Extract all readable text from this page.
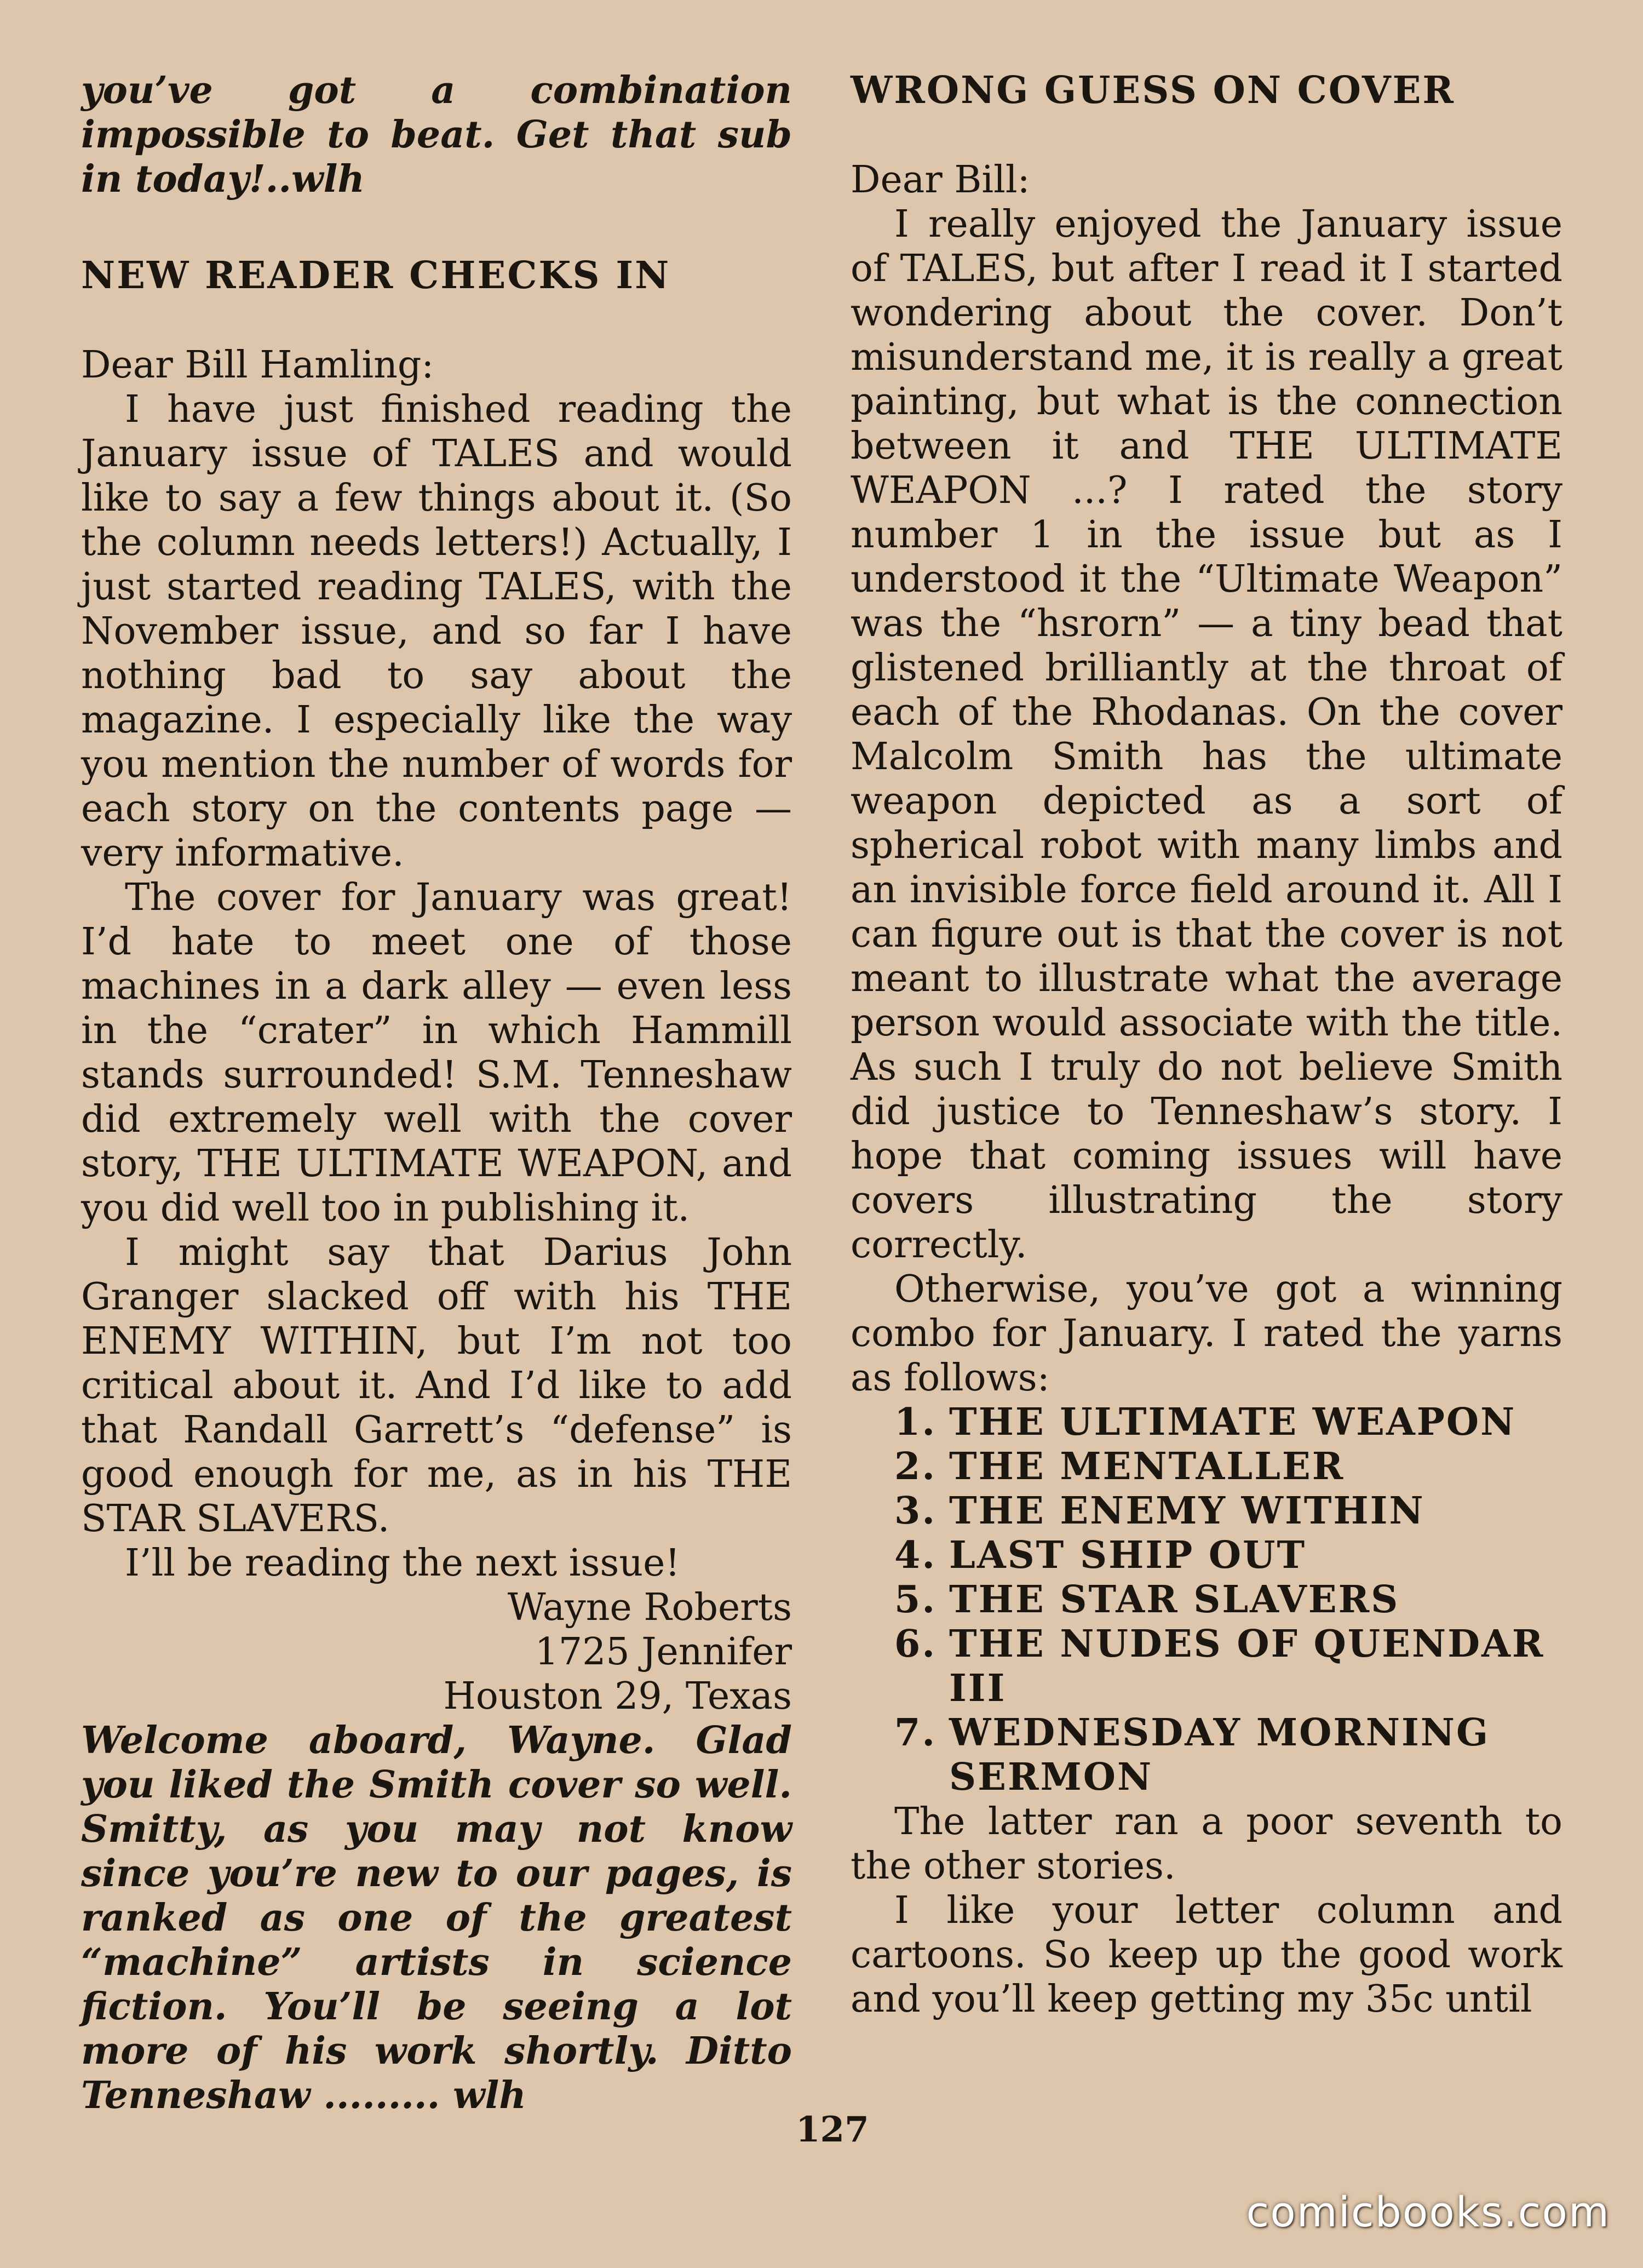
you’ve got a combination impossible to beat. Get that sub in today!..wlh

NEW READER CHECKS IN

Dear Bill Hamling:

I have just finished reading the January issue of TALES and would like to say a few things about it. (So the column needs letters!) Actually, I just started reading TALES, with the November issue, and so far I have nothing bad to say about the magazine. I especially like the way you mention the number of words for each story on the contents page — very informative.

The cover for January was great! I’d hate to meet one of those machines in a dark alley — even less in the “crater” in which Hammill stands surrounded! S.M. Tenneshaw did extremely well with the cover story, THE ULTIMATE WEAPON, and you did well too in publishing it.

I might say that Darius John Granger slacked off with his THE ENEMY WITHIN, but I’m not too critical about it. And I’d like to add that Randall Garrett’s “defense” is good enough for me, as in his THE STAR SLAVERS.

I’ll be reading the next issue!

Wayne Roberts

1725 Jennifer

Houston 29, Texas

Welcome aboard, Wayne. Glad you liked the Smith cover so well. Smitty, as you may not know since you’re new to our pages, is ranked as one of the greatest “machine” artists in science fiction. You’ll be seeing a lot more of his work shortly. Ditto Tenneshaw ......... wlh

WRONG GUESS ON COVER

Dear Bill:

I really enjoyed the January issue of TALES, but after I read it I started wondering about the cover. Don’t misunderstand me, it is really a great painting, but what is the connection between it and THE ULTIMATE WEAPON ...? I rated the story number 1 in the issue but as I understood it the “Ultimate Weapon” was the “hsrorn” — a tiny bead that glistened brilliantly at the throat of each of the Rhodanas. On the cover Malcolm Smith has the ultimate weapon depicted as a sort of spherical robot with many limbs and an invisible force field around it. All I can figure out is that the cover is not meant to illustrate what the average person would associate with the title. As such I truly do not believe Smith did justice to Tenneshaw’s story. I hope that coming issues will have covers illustrating the story correctly.

Otherwise, you’ve got a winning combo for January. I rated the yarns as follows:

1. THE ULTIMATE WEAPON
2. THE MENTALLER
3. THE ENEMY WITHIN
4. LAST SHIP OUT
5. THE STAR SLAVERS
6. THE NUDES OF QUENDAR III
7. WEDNESDAY MORNING SERMON

The latter ran a poor seventh to the other stories.

I like your letter column and cartoons. So keep up the good work and you’ll keep getting my 35c until

127
comicbooks.com
